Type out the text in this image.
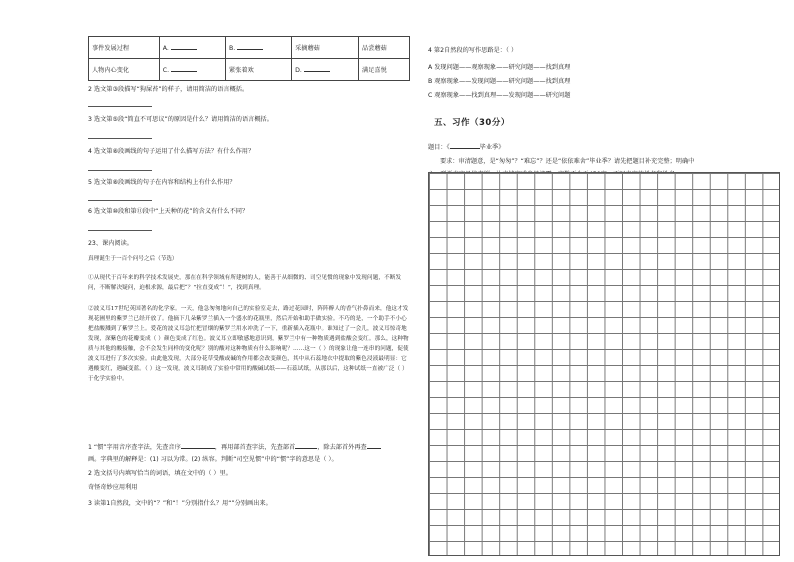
事件发展过程	A.	B.	采摘蘑菇	品尝蘑菇
人物内心变化	C.	紧张着欢	D.	满足喜悦

2 选文第③段描写“狗屎苔”的样子，请用简洁的语言概括。

3 选文第⑤段“简直不可思议”的原因是什么？请用简洁的语言概括。

4 选文第⑧段画线的句子运用了什么描写方法？有什么作用？

5 选文第⑧段画线的句子在内容和结构上有什么作用？

6 选文第⑩段和第⑪段中“上天种的花”的含义有什么不同？

23、课内阅读。

真理诞生于一百个问号之后（节选）

①从现代于百年来的科学技术发展史，那在在科学领域有所建树的人，能善于从细微的、司空见惯的现象中发现问题，不断发问，不断解决疑问，迫根求源，最后把“？”拉直变成“！”，找到真理。

②波义耳17世纪英国著名的化学家。一天，他急匆匆地向自己的实验室走去，路过花园时，阵阵醉人的香气扑鼻而来，他这才发现花圃里的紫罗兰已经开放了。他摘下几朵紫罗兰插入一个盛水的花瓶里，然后开始和助手做实验。不巧的是，一个助手不小心把盐酸溅到了紫罗兰上。爱花的波义耳急忙把冒烟的紫罗兰用水冲洗了一下，重新插入花瓶中。谁知过了一会儿，波义耳惊奇地发现，深紫色的花瓣变成（ ）颜色变成了红色。波义耳立即敏感地意识到，紫罗兰中有一种物质遇到盐酸会变红。那么，这种物质与其他的酸接触，会不会发生同样的变化呢？别的酸对这种物质有什么影响呢？……这一（ ）的现象让他一连串的问题，促使波义耳进行了多次实验。由此他发现，大部分花草受酸或碱的作用都会改变颜色，其中从石蕊地衣中提取的紫色浸液最明显：它遇酸变红，遇碱变蓝。（ ）这一发现，波义耳制成了实验中常用的酸碱试纸——石蕊试纸，从那以后，这种试纸一直被广泛（ ）于化学实验中。

1 “惯”字用音序查字法，先查音序	，再用部首查字法，先查部首	，除去部首外再查

画。字典里的解释是：(1) 习以为常。(2) 纵容。判断“司空见惯”中的“惯”字的意思是（ ）。

2 选文括号内填写恰当的词语，填在文中的（ ）里。

奇怪奇妙应用利用

3 读第1自然段，文中的“？”和“！”分别指什么？用“”分别画出来。

4 第2自然段的写作思路是：（ ）

A 发现问题——观察现象——研究问题——找到真理

B 观察现象——发现问题——研究问题——找到真理

C 观察现象——找到真理——发现问题——研究问题

五、习作（30分）

题目：《	毕业季》

要求：审清题意，是“匆匆”？“难忘”？还是“依依难舍”毕业季？请先把题目补充完整；明确中
